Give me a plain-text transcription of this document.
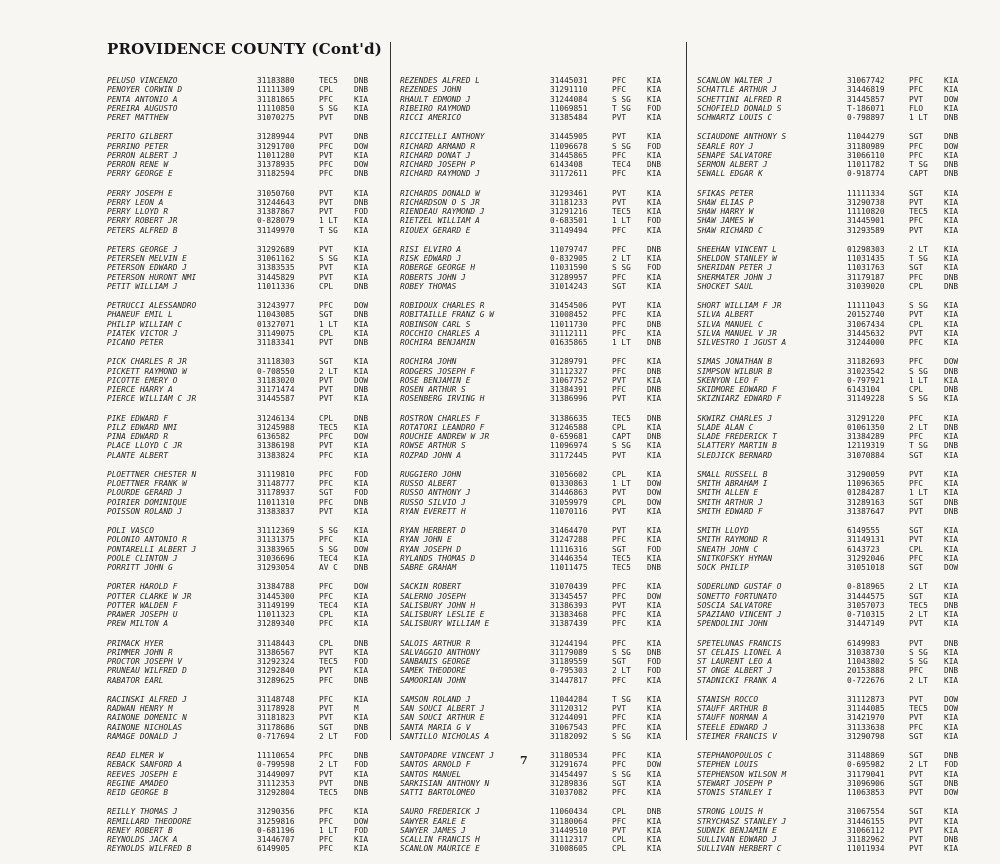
PROVIDENCE COUNTY (Cont'd)
PELUSO VINCENZO	31183880	TEC5	DNB
PENOYER CORWIN D	11111309	CPL	DNB
PENTA ANTONIO A	31181865	PFC	KIA
PEREIRA AUGUSTO	11110850	S SG	KIA
PERET MATTHEW	31070275	PVT	DNB
PERITO GILBERT	31289944	PVT	DNB
PERRINO PETER	31291700	PFC	DOW
PERRON ALBERT J	11011280	PVT	KIA
PERRON RENE W	31378935	PFC	DOW
PERRY GEORGE E	31182594	PFC	DNB
PERRY JOSEPH E	31050760	PVT	KIA
PERRY LEON A	31244643	PVT	DNB
PERRY LLOYD R	31387867	PVT	FOD
PERRY ROBERT JR	0-828079	1 LT	KIA
PETERS ALFRED B	31149970	T SG	KIA
PETERS GEORGE J	31292689	PVT	KIA
PETERSEN MELVIN E	31061162	S SG	KIA
PETERSON EDWARD J	31383535	PVT	KIA
PETERSON HURONT NMI	31445829	PVT	KIA
PETIT WILLIAM J	11011336	CPL	DNB
PETRUCCI ALESSANDRO	31243977	PFC	DOW
PHANEUF EMIL L	11043085	SGT	DNB
PHILIP WILLIAM C	01327071	1 LT	KIA
PIATEK VICTOR J	31149075	CPL	KIA
PICANO PETER	31183341	PVT	DNB
PICK CHARLES R JR	31118303	SGT	KIA
PICKETT RAYMOND W	0-708550	2 LT	KIA
PICOTTE EMERY O	31183020	PVT	DOW
PIERCE HARRY A	31171474	PVT	DNB
PIERCE WILLIAM C JR	31445587	PVT	KIA
PIKE EDWARD F	31246134	CPL	DNB
PILZ EDWARD NMI	31245988	TEC5	KIA
PINA EDWARD R	6136582	PFC	DOW
PLACE LLOYD C JR	31386198	PVT	KIA
PLANTE ALBERT	31383824	PFC	KIA
PLOETTNER CHESTER N	31119810	PFC	FOD
PLOETTNER FRANK W	31148777	PFC	KIA
PLOURDE GERARD J	31178937	SGT	FOD
POIRIER DOMINIQUE	11011310	PFC	DNB
POISSON ROLAND J	31383837	PVT	KIA
POLI VASCO	31112369	S SG	KIA
POLONIO ANTONIO R	31131375	PFC	KIA
PONTARELLI ALBERT J	31383965	S SG	DOW
POOLE CLINTON J	31036696	TEC4	KIA
PORRITT JOHN G	31293054	AV C	DNB
PORTER HAROLD F	31384788	PFC	DOW
POTTER CLARKE W JR	31445300	PFC	KIA
POTTER WALDEN F	31149199	TEC4	KIA
PRAWER JOSEPH U	11011323	CPL	KIA
PREW MILTON A	31289340	PFC	KIA
PRIMACK HYER	31148443	CPL	DNB
PRIMMER JOHN R	31386567	PVT	KIA
PROCTOR JOSEPH V	31292324	TEC5	FOD
PRUNEAU WILFRED D	31292840	PVT	KIA
RABATOR EARL	31289625	PFC	DNB
RACINSKI ALFRED J	31148748	PFC	KIA
RADWAN HENRY M	31178928	PVT	M
RAINONE DOMENIC N	31181823	PVT	KIA
RAINONE NICHOLAS	31178686	SGT	DNB
RAMAGE DONALD J	0-717694	2 LT	FOD
READ ELMER W	11110654	PFC	DNB
REBACK SANFORD A	0-799598	2 LT	FOD
REEVES JOSEPH E	31449097	PVT	KIA
REGINE AMADEO	31112353	PVT	DNB
REID GEORGE B	31292804	TEC5	DNB
REILLY THOMAS J	31290356	PFC	KIA
REMILLARD THEODORE	31259816	PFC	DOW
RENEY ROBERT B	0-681196	1 LT	FOD
REYNOLDS JACK A	31446707	PFC	KIA
REYNOLDS WILFRED B	6149905	PFC	KIA
REZENDES ALFRED L	31445031	PFC	KIA
REZENDES JOHN	31291110	PFC	KIA
RHAULT EDMOND J	31244084	S SG	KIA
RIBEIRO RAYMOND	11069851	T SG	FOD
RICCI AMERICO	31385484	PVT	KIA
RICCITELLI ANTHONY	31445905	PVT	KIA
RICHARD ARMAND R	11096678	S SG	FOD
RICHARD DONAT J	31445865	PFC	KIA
RICHARD JOSEPH P	6143408	TEC4	DNB
RICHARD RAYMOND J	31172611	PFC	KIA
RICHARDS DONALD W	31293461	PVT	KIA
RICHARDSON O S JR	31181233	PVT	KIA
RIENDEAU RAYMOND J	31291216	TEC5	KIA
RIETZEL WILLIAM A	0-683501	1 LT	FOD
RIOUEX GERARD E	31149494	PFC	KIA
RISI ELVIRO A	11079747	PFC	DNB
RISK EDWARD J	0-832905	2 LT	KIA
ROBERGE GEORGE H	11031590	S SG	FOD
ROBERTS JOHN J	31289957	PFC	KIA
ROBEY THOMAS	31014243	SGT	KIA
ROBIDOUX CHARLES R	31454506	PVT	KIA
ROBITAILLE FRANZ G W	31008452	PFC	KIA
ROBINSON CARL S	11011730	PFC	DNB
ROCCHIO CHARLES A	31112111	PFC	KIA
ROCHIRA BENJAMIN	01635865	1 LT	DNB
ROCHIRA JOHN	31289791	PFC	KIA
RODGERS JOSEPH F	31112327	PFC	DNB
ROSE BENJAMIN E	31067752	PVT	KIA
ROSEN ARTHUR S	31384391	PFC	DNB
ROSENBERG IRVING H	31386996	PVT	KIA
ROSTRON CHARLES F	31386635	TEC5	DNB
ROTATORI LEANDRO F	31246588	CPL	KIA
ROUCHIE ANDREW W JR	0-659681	CAPT	DNB
ROWSE ARTHUR S	11096974	S SG	KIA
ROZPAD JOHN A	31172445	PVT	KIA
RUGGIERO JOHN	31056602	CPL	KIA
RUSSO ALBERT	01330863	1 LT	DOW
RUSSO ANTHONY J	31446863	PVT	DOW
RUSSO SILVIO J	31059979	CPL	DOW
RYAN EVERETT H	11070116	PVT	KIA
RYAN HERBERT D	31464470	PVT	KIA
RYAN JOHN E	31247288	PFC	KIA
RYAN JOSEPH D	11116316	SGT	FOD
RYLANDS THOMAS D	31446354	TEC5	KIA
SABRE GRAHAM	11011475	TEC5	DNB
SACKIN ROBERT	31070439	PFC	KIA
SALERNO JOSEPH	31345457	PFC	DOW
SALISBURY JOHN H	31386393	PVT	KIA
SALISBURY LESLIE E	31383468	PFC	KIA
SALISBURY WILLIAM E	31387439	PFC	KIA
SALOIS ARTHUR R	31244194	PFC	KIA
SALVAGGIO ANTHONY	31179089	S SG	DNB
SANBANIS GEORGE	31189559	SGT	FOD
SAMEK THEODORE	0-795303	2 LT	FOD
SAMOORIAN JOHN	31447817	PFC	KIA
SAMSON ROLAND J	11044284	T SG	KIA
SAN SOUCI ALBERT J	31120312	PVT	KIA
SAN SOUCI ARTHUR E	31244091	PFC	KIA
SANTA MARIA G V	31067543	PFC	KIA
SANTILLO NICHOLAS A	31182092	S SG	KIA
SANTOPADRE VINCENT J	31180534	PFC	KIA
SANTOS ARNOLD F	31291674	PFC	DOW
SANTOS MANUEL	31454497	S SG	KIA
SARKISIAN ANTHONY N	31289836	SGT	KIA
SATTI BARTOLOMEO	31037082	PFC	KIA
SAURO FREDERICK J	11060434	CPL	DNB
SAWYER EARLE E	31180064	PFC	KIA
SAWYER JAMES J	31449510	PVT	KIA
SCALLIN FRANCIS H	31112317	CPL	KIA
SCANLON MAURICE E	31008605	CPL	KIA
SCANLON WALTER J	31067742	PFC	KIA
SCHATTLE ARTHUR J	31446819	PFC	KIA
SCHETTINI ALFRED R	31445857	PVT	DOW
SCHOFIELD DONALD S	T-186071	FLO	KIA
SCHWARTZ LOUIS C	0-798897	1 LT	DNB
SCIAUDONE ANTHONY S	11044279	SGT	DNB
SEARLE ROY J	31180989	PFC	DOW
SENAPE SALVATORE	31066110	PFC	KIA
SERMON ALBERT J	11011782	T SG	DNB
SEWALL EDGAR K	0-918774	CAPT	DNB
SFIKAS PETER	11111334	SGT	KIA
SHAW ELIAS P	31290738	PVT	KIA
SHAW HARRY W	11110820	TEC5	KIA
SHAW JAMES W	31445901	PFC	KIA
SHAW RICHARD C	31293589	PVT	KIA
SHEEHAN VINCENT L	01298303	2 LT	KIA
SHELDON STANLEY W	11031435	T SG	KIA
SHERIDAN PETER J	11031763	SGT	KIA
SHERMATER JOHN J	31179187	PFC	DNB
SHOCKET SAUL	31039020	CPL	DNB
SHORT WILLIAM F JR	11111043	S SG	KIA
SILVA ALBERT	20152740	PVT	KIA
SILVA MANUEL C	31067434	CPL	KIA
SILVA MANUEL V JR	31445632	PVT	KIA
SILVESTRO I JGUST A	31244000	PFC	KIA
SIMAS JONATHAN B	31182693	PFC	DOW
SIMPSON WILBUR B	31023542	S SG	DNB
SKENYON LEO F	0-797921	1 LT	KIA
SKIDMORE EDWARD F	6143104	CPL	DNB
SKIZNIARZ EDWARD F	31149228	S SG	KIA
SKWIRZ CHARLES J	31291220	PFC	KIA
SLADE ALAN C	01061350	2 LT	DNB
SLADE FREDERICK T	31384289	PFC	KIA
SLATTERY MARTIN B	12119319	T SG	DNB
SLEDJICK BERNARD	31070884	SGT	KIA
SMALL RUSSELL B	31290059	PVT	KIA
SMITH ABRAHAM I	11096365	PFC	KIA
SMITH ALLEN E	01284287	1 LT	KIA
SMITH ARTHUR J	31289163	SGT	DNB
SMITH EDWARD F	31387647	PVT	DNB
SMITH LLOYD	6149555	SGT	KIA
SMITH RAYMOND R	31149131	PVT	KIA
SNEATH JOHN C	6143723	CPL	KIA
SNITKOFSKY HYMAN	31292046	PFC	KIA
SOCK PHILIP	31051018	SGT	DOW
SODERLUND GUSTAF O	0-818965	2 LT	KIA
SONETTO FORTUNATO	31444575	SGT	KIA
SOSCIA SALVATORE	31057073	TEC5	DNB
SPAZIANO VINCENT J	0-710315	2 LT	KIA
SPENDOLINI JOHN	31447149	PVT	KIA
SPETELUNAS FRANCIS	6149983	PVT	DNB
ST CELAIS LIONEL A	31038730	S SG	KIA
ST LAURENT LEO A	11043802	S SG	KIA
ST ONGE ALBERT J	20153888	PFC	DNB
STADNICKI FRANK A	0-722676	2 LT	KIA
STANISH ROCCO	31112873	PVT	DOW
STAUFF ARTHUR B	31144085	TEC5	DOW
STAUFF NORMAN A	31421970	PVT	KIA
STEELE EDWARD J	31133638	PFC	KIA
STEIMER FRANCIS V	31290798	SGT	KIA
STEPHANOPOULOS C	31148869	SGT	DNB
STEPHEN LOUIS	0-695982	2 LT	FOD
STEPHENSON WILSON M	31179041	PVT	KIA
STEWART JOSEPH P	31096906	SGT	DNB
STONIS STANLEY I	11063853	PVT	DOW
STRONG LOUIS H	31067554	SGT	KIA
STRYCHASZ STANLEY J	31446155	PVT	KIA
SUDNIK BENJAMIN E	31066112	PVT	KIA
SULLIVAN EDWARD J	31182962	PVT	DNB
SULLIVAN HERBERT C	11011934	PVT	KIA
7
